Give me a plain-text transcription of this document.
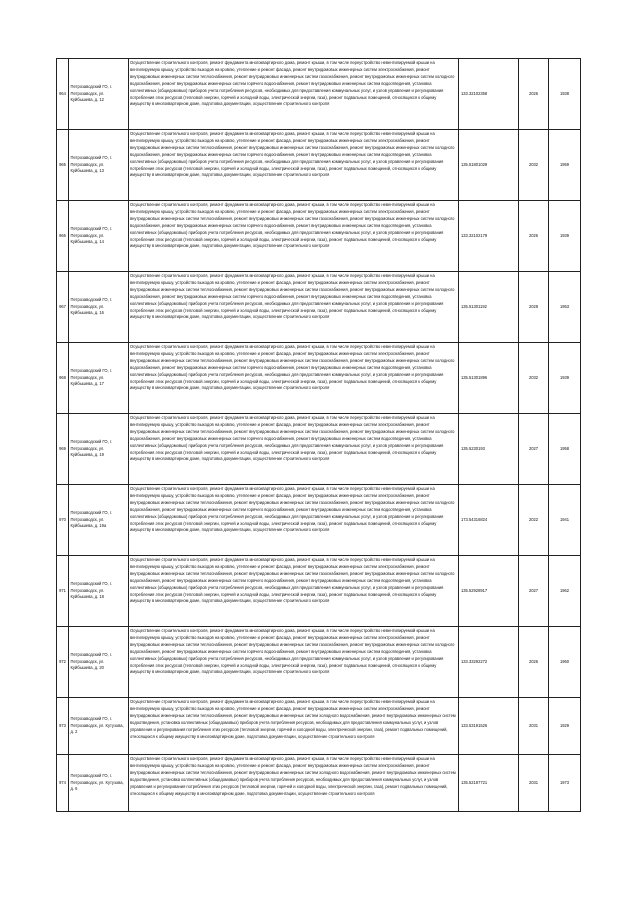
964	Петрозаводский ГО, г. Петрозаводск, ул. Куйбышева, д. 12	Осуществление строительного контроля, ремонт фундамента многоквартирного дома, ремонт крыши, в том числе переустройство невентилируемой крыши на вентилируемую крышу, устройство выходов на кровлю, утепление и ремонт фасада, ремонт внутридомовых инженерных систем электроснабжения, ремонт внутридомовых инженерных систем теплоснабжения, ремонт внутридомовых инженерных систем газоснабжения, ремонт внутридомовых инженерных систем холодного водоснабжения, ремонт внутридомовых инженерных систем горячего водоснабжения, ремонт внутридомовых инженерных систем водоотведения, установка коллективных (общедомовых) приборов учета потребления ресурсов, необходимых для предоставления коммунальных услуг, и узлов управления и регулирования потребления этих ресурсов (тепловой энергии, горячей и холодной воды, электрической энергии, газа), ремонт подвальных помещений, относящихся к общему имуществу в многоквартирном доме, подготовка документации, осуществление строительного контроля	133.32102358	2026	1938
965	Петрозаводский ГО, г. Петрозаводск, ул. Куйбышева, д. 13	Осуществление строительного контроля, ремонт фундамента многоквартирного дома, ремонт крыши, в том числе переустройство невентилируемой крыши на вентилируемую крышу, устройство выходов на кровлю, утепление и ремонт фасада, ремонт внутридомовых инженерных систем электроснабжения, ремонт внутридомовых инженерных систем теплоснабжения, ремонт внутридомовых инженерных систем газоснабжения, ремонт внутридомовых инженерных систем холодного водоснабжения, ремонт внутридомовых инженерных систем горячего водоснабжения, ремонт внутридомовых инженерных систем водоотведения, установка коллективных (общедомовых) приборов учета потребления ресурсов, необходимых для предоставления коммунальных услуг, и узлов управления и регулирования потребления этих ресурсов (тепловой энергии, горячей и холодной воды, электрической энергии, газа), ремонт подвальных помещений, относящихся к общему имуществу в многоквартирном доме, подготовка документации, осуществление строительного контроля	135.51801029	2032	1959
966	Петрозаводский ГО, г. Петрозаводск, ул. Куйбышева, д. 14	Осуществление строительного контроля, ремонт фундамента многоквартирного дома, ремонт крыши, в том числе переустройство невентилируемой крыши на вентилируемую крышу, устройство выходов на кровлю, утепление и ремонт фасада, ремонт внутридомовых инженерных систем электроснабжения, ремонт внутридомовых инженерных систем теплоснабжения, ремонт внутридомовых инженерных систем газоснабжения, ремонт внутридомовых инженерных систем холодного водоснабжения, ремонт внутридомовых инженерных систем горячего водоснабжения, ремонт внутридомовых инженерных систем водоотведения, установка коллективных (общедомовых) приборов учета потребления ресурсов, необходимых для предоставления коммунальных услуг, и узлов управления и регулирования потребления этих ресурсов (тепловой энергии, горячей и холодной воды, электрической энергии, газа), ремонт подвальных помещений, относящихся к общему имуществу в многоквартирном доме, подготовка документации, осуществление строительного контроля	133.32102179	2026	1939
967	Петрозаводский ГО, г. Петрозаводск, ул. Куйбышева, д. 16	Осуществление строительного контроля, ремонт фундамента многоквартирного дома, ремонт крыши, в том числе переустройство невентилируемой крыши на вентилируемую крышу, устройство выходов на кровлю, утепление и ремонт фасада, ремонт внутридомовых инженерных систем электроснабжения, ремонт внутридомовых инженерных систем теплоснабжения, ремонт внутридомовых инженерных систем газоснабжения, ремонт внутридомовых инженерных систем холодного водоснабжения, ремонт внутридомовых инженерных систем горячего водоснабжения, ремонт внутридомовых инженерных систем водоотведения, установка коллективных (общедомовых) приборов учета потребления ресурсов, необходимых для предоставления коммунальных услуг, и узлов управления и регулирования потребления этих ресурсов (тепловой энергии, горячей и холодной воды, электрической энергии, газа), ремонт подвальных помещений, относящихся к общему имуществу в многоквартирном доме, подготовка документации, осуществление строительного контроля	135.51301192	2028	1953
968	Петрозаводский ГО, г. Петрозаводск, ул. Куйбышева, д. 17	Осуществление строительного контроля, ремонт фундамента многоквартирного дома, ремонт крыши, в том числе переустройство невентилируемой крыши на вентилируемую крышу, устройство выходов на кровлю, утепление и ремонт фасада, ремонт внутридомовых инженерных систем электроснабжения, ремонт внутридомовых инженерных систем теплоснабжения, ремонт внутридомовых инженерных систем газоснабжения, ремонт внутридомовых инженерных систем холодного водоснабжения, ремонт внутридомовых инженерных систем горячего водоснабжения, ремонт внутридомовых инженерных систем водоотведения, установка коллективных (общедомовых) приборов учета потребления ресурсов, необходимых для предоставления коммунальных услуг, и узлов управления и регулирования потребления этих ресурсов (тепловой энергии, горячей и холодной воды, электрической энергии, газа), ремонт подвальных помещений, относящихся к общему имуществу в многоквартирном доме, подготовка документации, осуществление строительного контроля	135.51301896	2032	1939
969	Петрозаводский ГО, г. Петрозаводск, ул. Куйбышева, д. 19	Осуществление строительного контроля, ремонт фундамента многоквартирного дома, ремонт крыши, в том числе переустройство невентилируемой крыши на вентилируемую крышу, устройство выходов на кровлю, утепление и ремонт фасада, ремонт внутридомовых инженерных систем электроснабжения, ремонт внутридомовых инженерных систем теплоснабжения, ремонт внутридомовых инженерных систем газоснабжения, ремонт внутридомовых инженерных систем холодного водоснабжения, ремонт внутридомовых инженерных систем горячего водоснабжения, ремонт внутридомовых инженерных систем водоотведения, установка коллективных (общедомовых) приборов учета потребления ресурсов, необходимых для предоставления коммунальных услуг, и узлов управления и регулирования потребления этих ресурсов (тепловой энергии, горячей и холодной воды, электрической энергии, газа), ремонт подвальных помещений, относящихся к общему имуществу в многоквартирном доме, подготовка документации, осуществление строительного контроля	135.5230193	2027	1958
970	Петрозаводский ГО, г. Петрозаводск, ул. Куйбышева, д. 19а	Осуществление строительного контроля, ремонт фундамента многоквартирного дома, ремонт крыши, в том числе переустройство невентилируемой крыши на вентилируемую крышу, устройство выходов на кровлю, утепление и ремонт фасада, ремонт внутридомовых инженерных систем электроснабжения, ремонт внутридомовых инженерных систем теплоснабжения, ремонт внутридомовых инженерных систем газоснабжения, ремонт внутридомовых инженерных систем холодного водоснабжения, ремонт внутридомовых инженерных систем горячего водоснабжения, ремонт внутридомовых инженерных систем водоотведения, установка коллективных (общедомовых) приборов учета потребления ресурсов, необходимых для предоставления коммунальных услуг, и узлов управления и регулирования потребления этих ресурсов (тепловой энергии, горячей и холодной воды, электрической энергии, газа), ремонт подвальных помещений, относящихся к общему имуществу в многоквартирном доме, подготовка документации, осуществление строительного контроля	173.54316824	2022	1941
971	Петрозаводский ГО, г. Петрозаводск, ул. Куйбышева, д. 18	Осуществление строительного контроля, ремонт фундамента многоквартирного дома, ремонт крыши, в том числе переустройство невентилируемой крыши на вентилируемую крышу, устройство выходов на кровлю, утепление и ремонт фасада, ремонт внутридомовых инженерных систем электроснабжения, ремонт внутридомовых инженерных систем теплоснабжения, ремонт внутридомовых инженерных систем газоснабжения, ремонт внутридомовых инженерных систем холодного водоснабжения, ремонт внутридомовых инженерных систем горячего водоснабжения, ремонт внутридомовых инженерных систем водоотведения, установка коллективных (общедомовых) приборов учета потребления ресурсов, необходимых для предоставления коммунальных услуг, и узлов управления и регулирования потребления этих ресурсов (тепловой энергии, горячей и холодной воды, электрической энергии, газа), ремонт подвальных помещений, относящихся к общему имуществу в многоквартирном доме, подготовка документации, осуществление строительного контроля	135.52928917	2027	1962
972	Петрозаводский ГО, г. Петрозаводск, ул. Куйбышева, д. 20	Осуществление строительного контроля, ремонт фундамента многоквартирного дома, ремонт крыши, в том числе переустройство невентилируемой крыши на вентилируемую крышу, устройство выходов на кровлю, утепление и ремонт фасада, ремонт внутридомовых инженерных систем электроснабжения, ремонт внутридомовых инженерных систем теплоснабжения, ремонт внутридомовых инженерных систем газоснабжения, ремонт внутридомовых инженерных систем холодного водоснабжения, ремонт внутридомовых инженерных систем горячего водоснабжения, ремонт внутридомовых инженерных систем водоотведения, установка коллективных (общедомовых) приборов учета потребления ресурсов, необходимых для предоставления коммунальных услуг, и узлов управления и регулирования потребления этих ресурсов (тепловой энергии, горячей и холодной воды, электрической энергии, газа), ремонт подвальных помещений, относящихся к общему имуществу в многоквартирном доме, подготовка документации, осуществление строительного контроля	133.33292272	2026	1960
973	Петрозаводский ГО, г. Петрозаводск, ул. Кутузова, д. 2	Осуществление строительного контроля, ремонт фундамента многоквартирного дома, ремонт крыши, в том числе переустройство невентилируемой крыши на вентилируемую крышу, устройство выходов на кровлю, утепление и ремонт фасада, ремонт внутридомовых инженерных систем электроснабжения, ремонт внутридомовых инженерных систем теплоснабжения, ремонт внутридомовых инженерных систем холодного водоснабжения, ремонт внутридомовых инженерных систем водоотведения, установка коллективных (общедомовых) приборов учета потребления ресурсов, необходимых для предоставления коммунальных услуг, и узлов управления и регулирования потребления этих ресурсов (тепловой энергии, горячей и холодной воды, электрической энергии, газа), ремонт подвальных помещений, относящихся к общему имуществу в многоквартирном доме, подготовка документации, осуществление строительного контроля	133.53191526	2031	1929
974	Петрозаводский ГО, г. Петрозаводск, ул. Кутузова, д. 6	Осуществление строительного контроля, ремонт фундамента многоквартирного дома, ремонт крыши, в том числе переустройство невентилируемой крыши на вентилируемую крышу, устройство выходов на кровлю, утепление и ремонт фасада, ремонт внутридомовых инженерных систем электроснабжения, ремонт внутридомовых инженерных систем теплоснабжения, ремонт внутридомовых инженерных систем холодного водоснабжения, ремонт внутридомовых инженерных систем водоотведения, установка коллективных (общедомовых) приборов учета потребления ресурсов, необходимых для предоставления коммунальных услуг, и узлов управления и регулирования потребления этих ресурсов (тепловой энергии, горячей и холодной воды, электрической энергии, газа), ремонт подвальных помещений, относящихся к общему имуществу в многоквартирном доме, подготовка документации, осуществление строительного контроля	135.52187721	2031	1973
